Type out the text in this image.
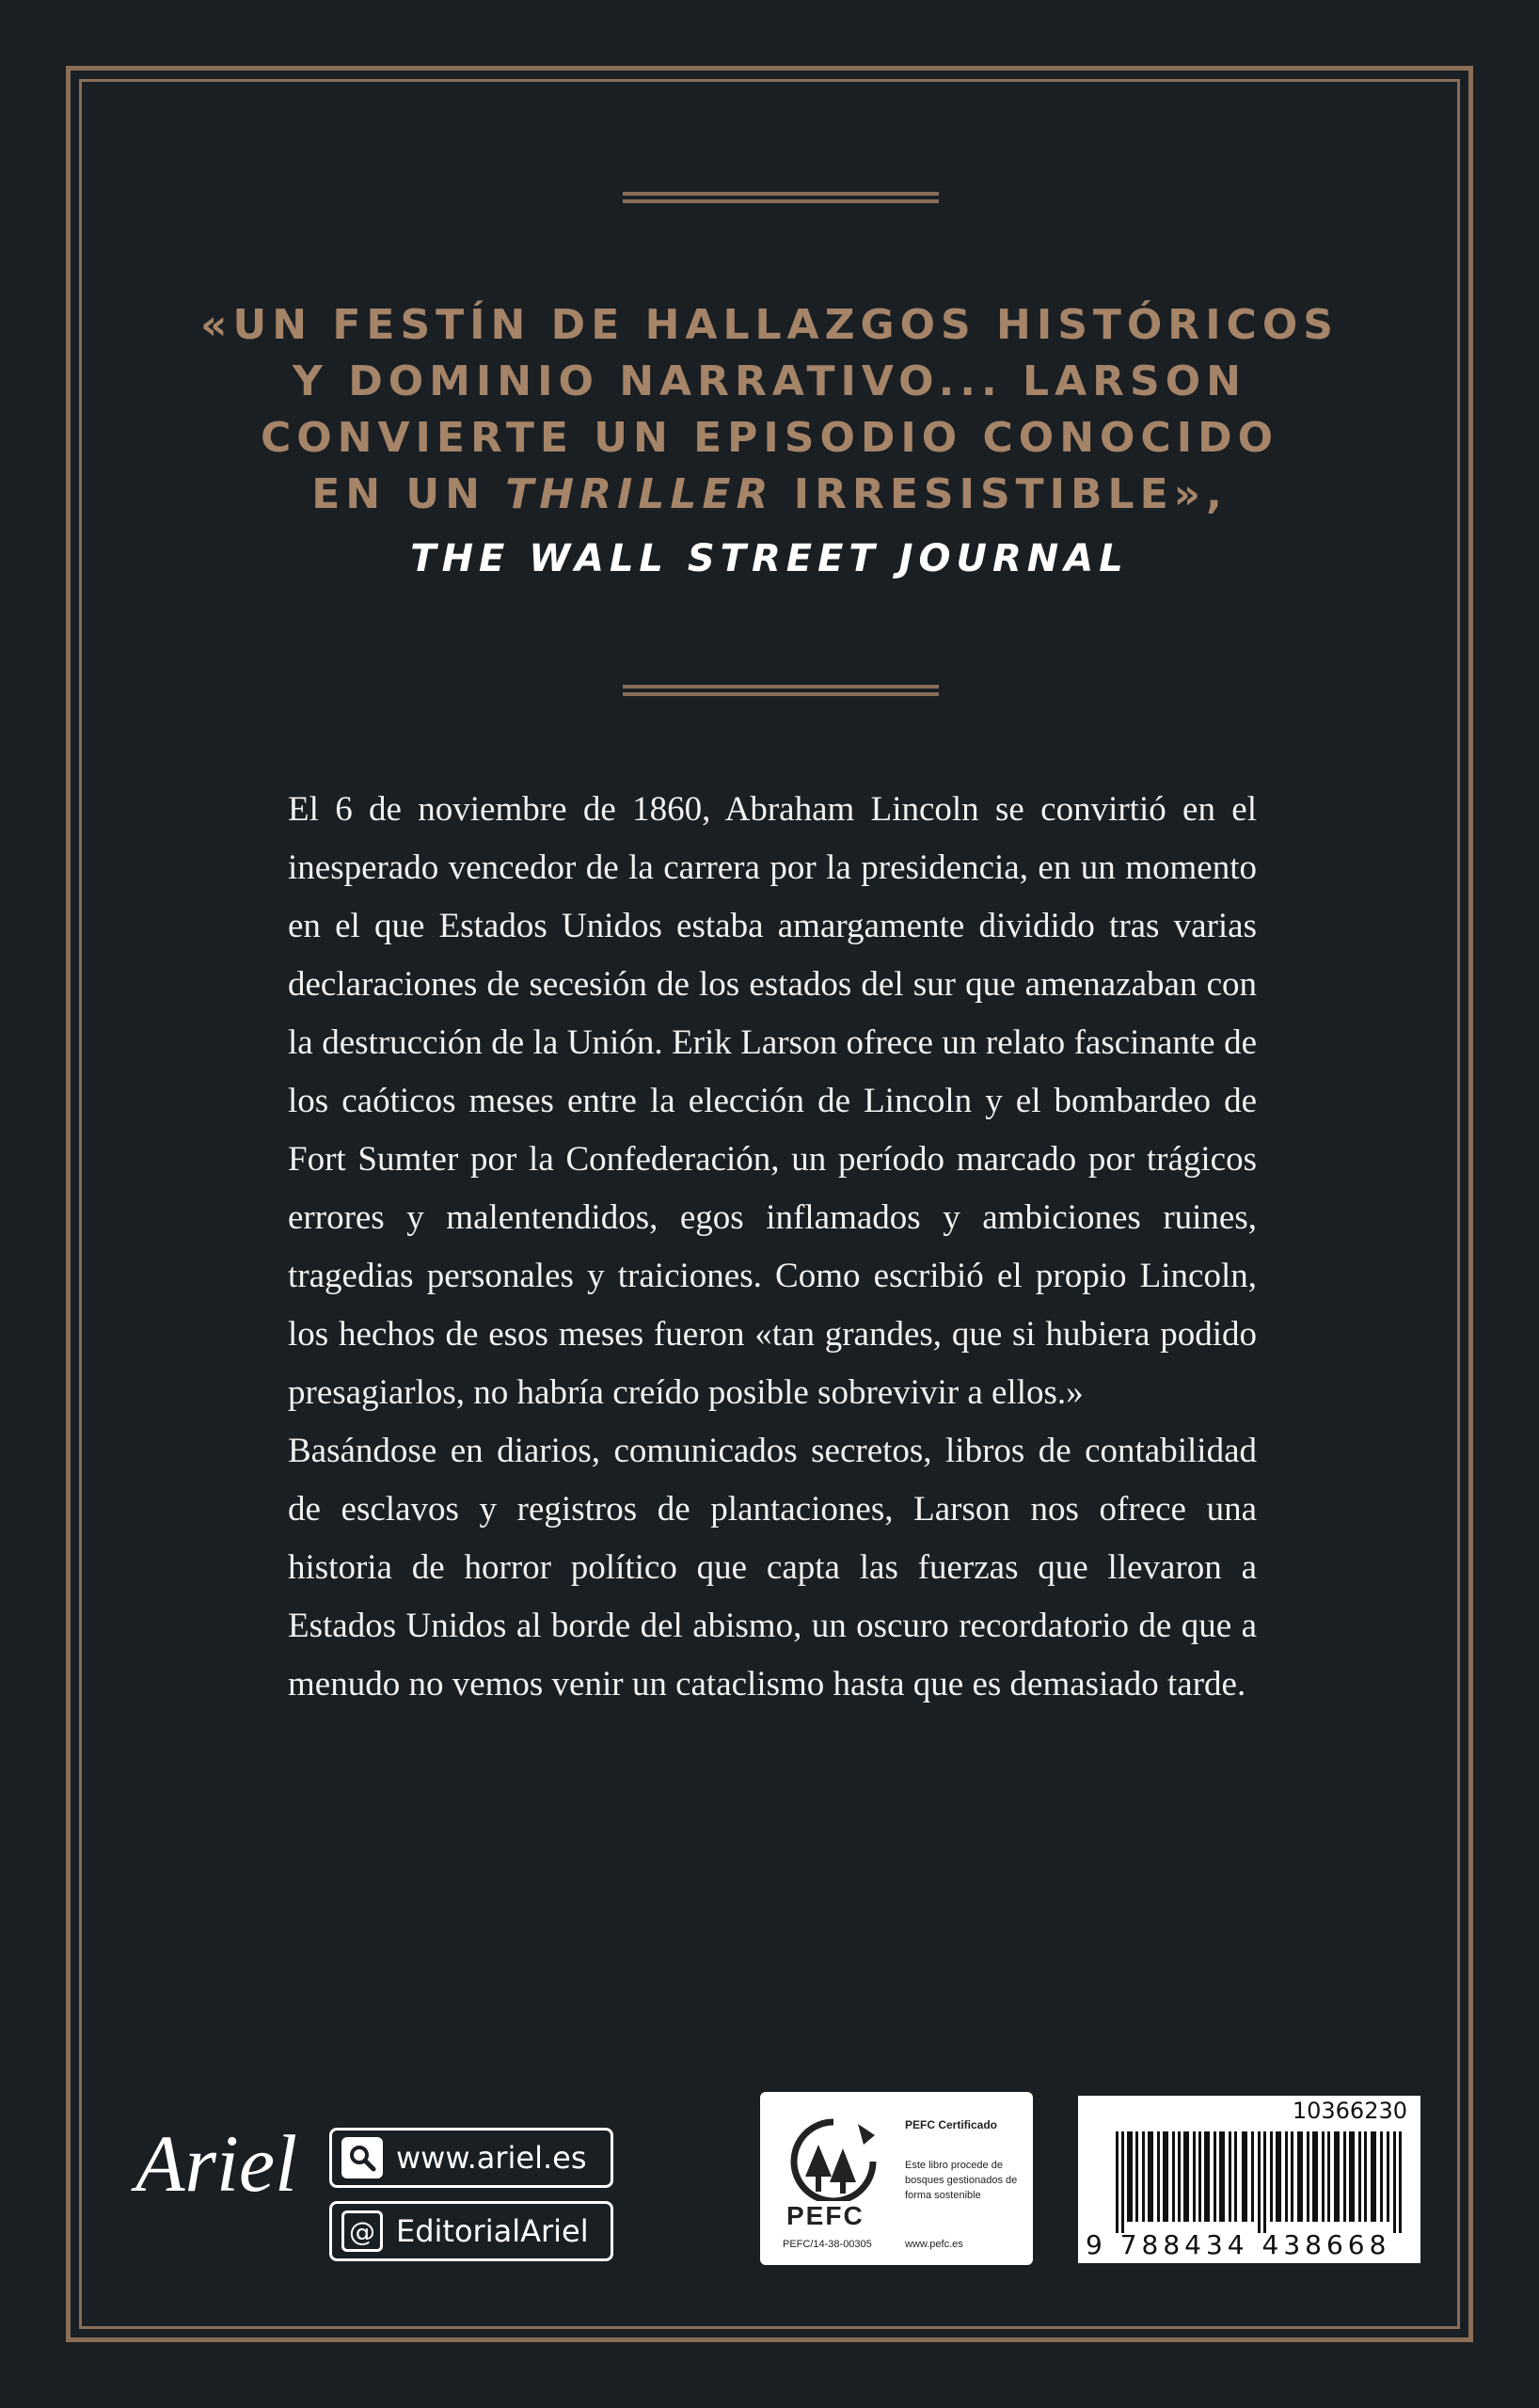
«UN FESTÍN DE HALLAZGOS HISTÓRICOS
Y DOMINIO NARRATIVO... LARSON
CONVIERTE UN EPISODIO CONOCIDO
EN UN THRILLER IRRESISTIBLE»,
THE WALL STREET JOURNAL

El 6 de noviembre de 1860, Abraham Lincoln se convirtió en el inesperado vencedor de la carrera por la presidencia, en un momento en el que Estados Unidos estaba amargamente dividido tras varias declaraciones de secesión de los estados del sur que amenazaban con la destrucción de la Unión. Erik Larson ofrece un relato fascinante de los caóticos meses entre la elección de Lincoln y el bombardeo de Fort Sumter por la Confederación, un período marcado por trágicos errores y malentendidos, egos inflamados y ambiciones ruines, tragedias personales y traiciones. Como escribió el propio Lincoln, los hechos de esos meses fueron «tan grandes, que si hubiera podido presagiarlos, no habría creído posible sobrevivir a ellos.»

Basándose en diarios, comunicados secretos, libros de contabilidad de esclavos y registros de plantaciones, Larson nos ofrece una historia de horror político que capta las fuerzas que llevaron a Estados Unidos al borde del abismo, un oscuro recordatorio de que a menudo no vemos venir un cataclismo hasta que es demasiado tarde.

Ariel	www.ariel.es
@ EditorialAriel	PEFC
PEFC Certificado
Este libro procede de bosques gestionados de forma sostenible
PEFC/14-38-00305	www.pefc.es
10366230
9 788434 438668
